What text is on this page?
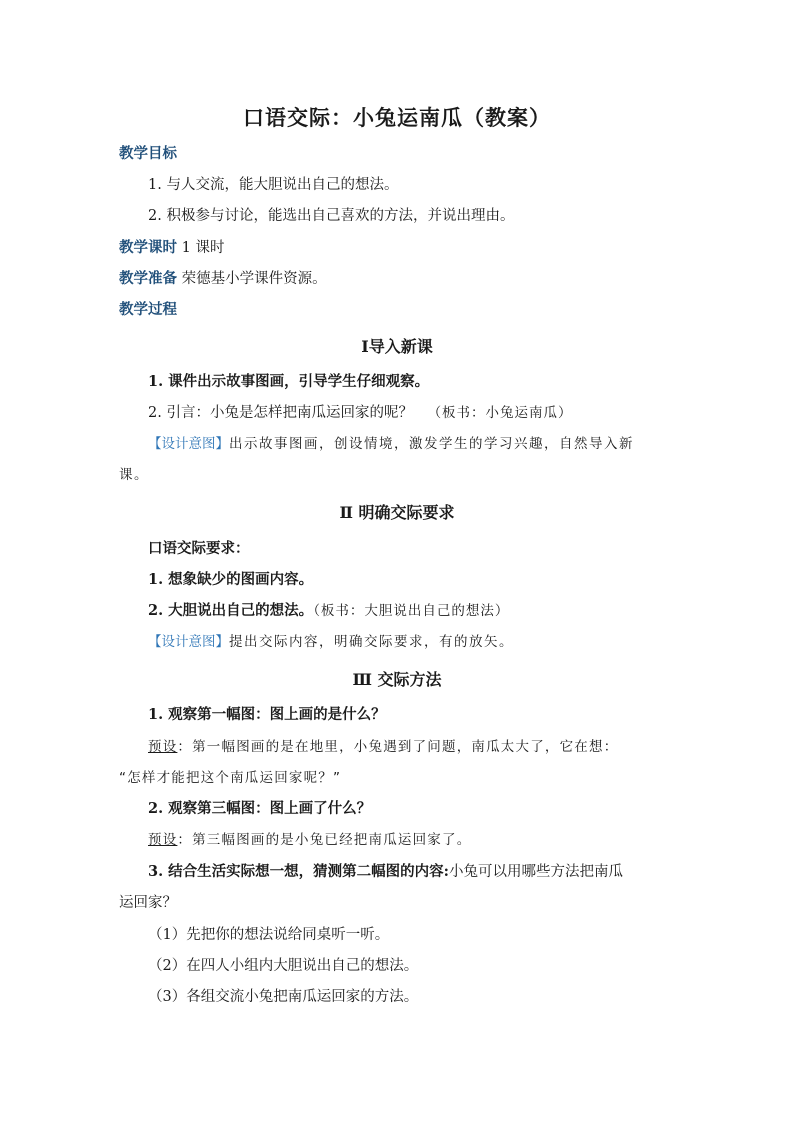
口语交际：小兔运南瓜（教案）
教学目标
1. 与人交流，能大胆说出自己的想法。
2. 积极参与讨论，能选出自己喜欢的方法，并说出理由。
教学课时 1 课时
教学准备 荣德基小学课件资源。
教学过程
Ⅰ导入新课
1. 课件出示故事图画，引导学生仔细观察。
2. 引言：小兔是怎样把南瓜运回家的呢？ （板书：小兔运南瓜）
【设计意图】出示故事图画，创设情境，激发学生的学习兴趣，自然导入新
课。
Ⅱ 明确交际要求
口语交际要求：
1. 想象缺少的图画内容。
2. 大胆说出自己的想法。（板书：大胆说出自己的想法）
【设计意图】提出交际内容，明确交际要求，有的放矢。
Ⅲ 交际方法
1. 观察第一幅图：图上画的是什么？
预设：第一幅图画的是在地里，小兔遇到了问题，南瓜太大了，它在想：
“怎样才能把这个南瓜运回家呢？”
2. 观察第三幅图：图上画了什么？
预设：第三幅图画的是小兔已经把南瓜运回家了。
3. 结合生活实际想一想，猜测第二幅图的内容:小兔可以用哪些方法把南瓜
运回家？
（1）先把你的想法说给同桌听一听。
（2）在四人小组内大胆说出自己的想法。
（3）各组交流小兔把南瓜运回家的方法。
